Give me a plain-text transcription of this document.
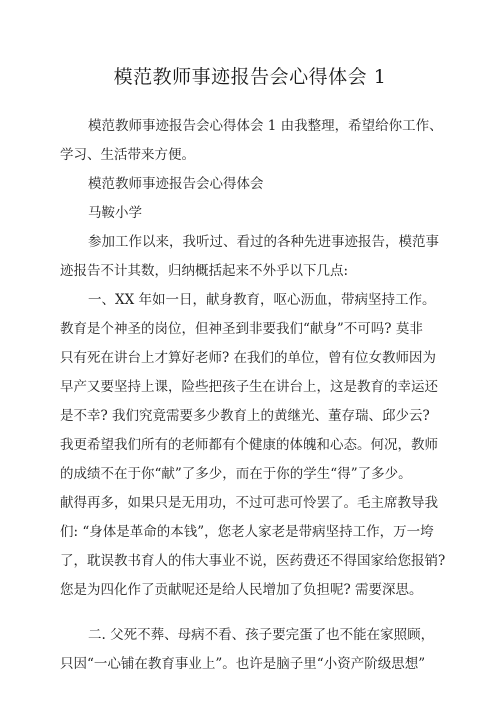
模范教师事迹报告会心得体会 1
模范教师事迹报告会心得体会 1 由我整理，希望给你工作、
学习、生活带来方便。
模范教师事迹报告会心得体会
马鞍小学
参加工作以来，我听过、看过的各种先进事迹报告，模范事
迹报告不计其数，归纳概括起来不外乎以下几点:
一、XX 年如一日，献身教育，呕心沥血，带病坚持工作。
教育是个神圣的岗位，但神圣到非要我们“献身”不可吗? 莫非
只有死在讲台上才算好老师? 在我们的单位，曾有位女教师因为
早产又要坚持上课，险些把孩子生在讲台上，这是教育的幸运还
是不幸? 我们究竟需要多少教育上的黄继光、董存瑞、邱少云?
我更希望我们所有的老师都有个健康的体魄和心态。何况，教师
的成绩不在于你“献”了多少，而在于你的学生“得”了多少。
献得再多，如果只是无用功，不过可悲可怜罢了。毛主席教导我
们: “身体是革命的本钱”，您老人家老是带病坚持工作，万一垮
了，耽误教书育人的伟大事业不说，医药费还不得国家给您报销?
您是为四化作了贡献呢还是给人民增加了负担呢? 需要深思。
二. 父死不葬、母病不看、孩子要完蛋了也不能在家照顾，
只因“一心铺在教育事业上”。也许是脑子里“小资产阶级思想”
